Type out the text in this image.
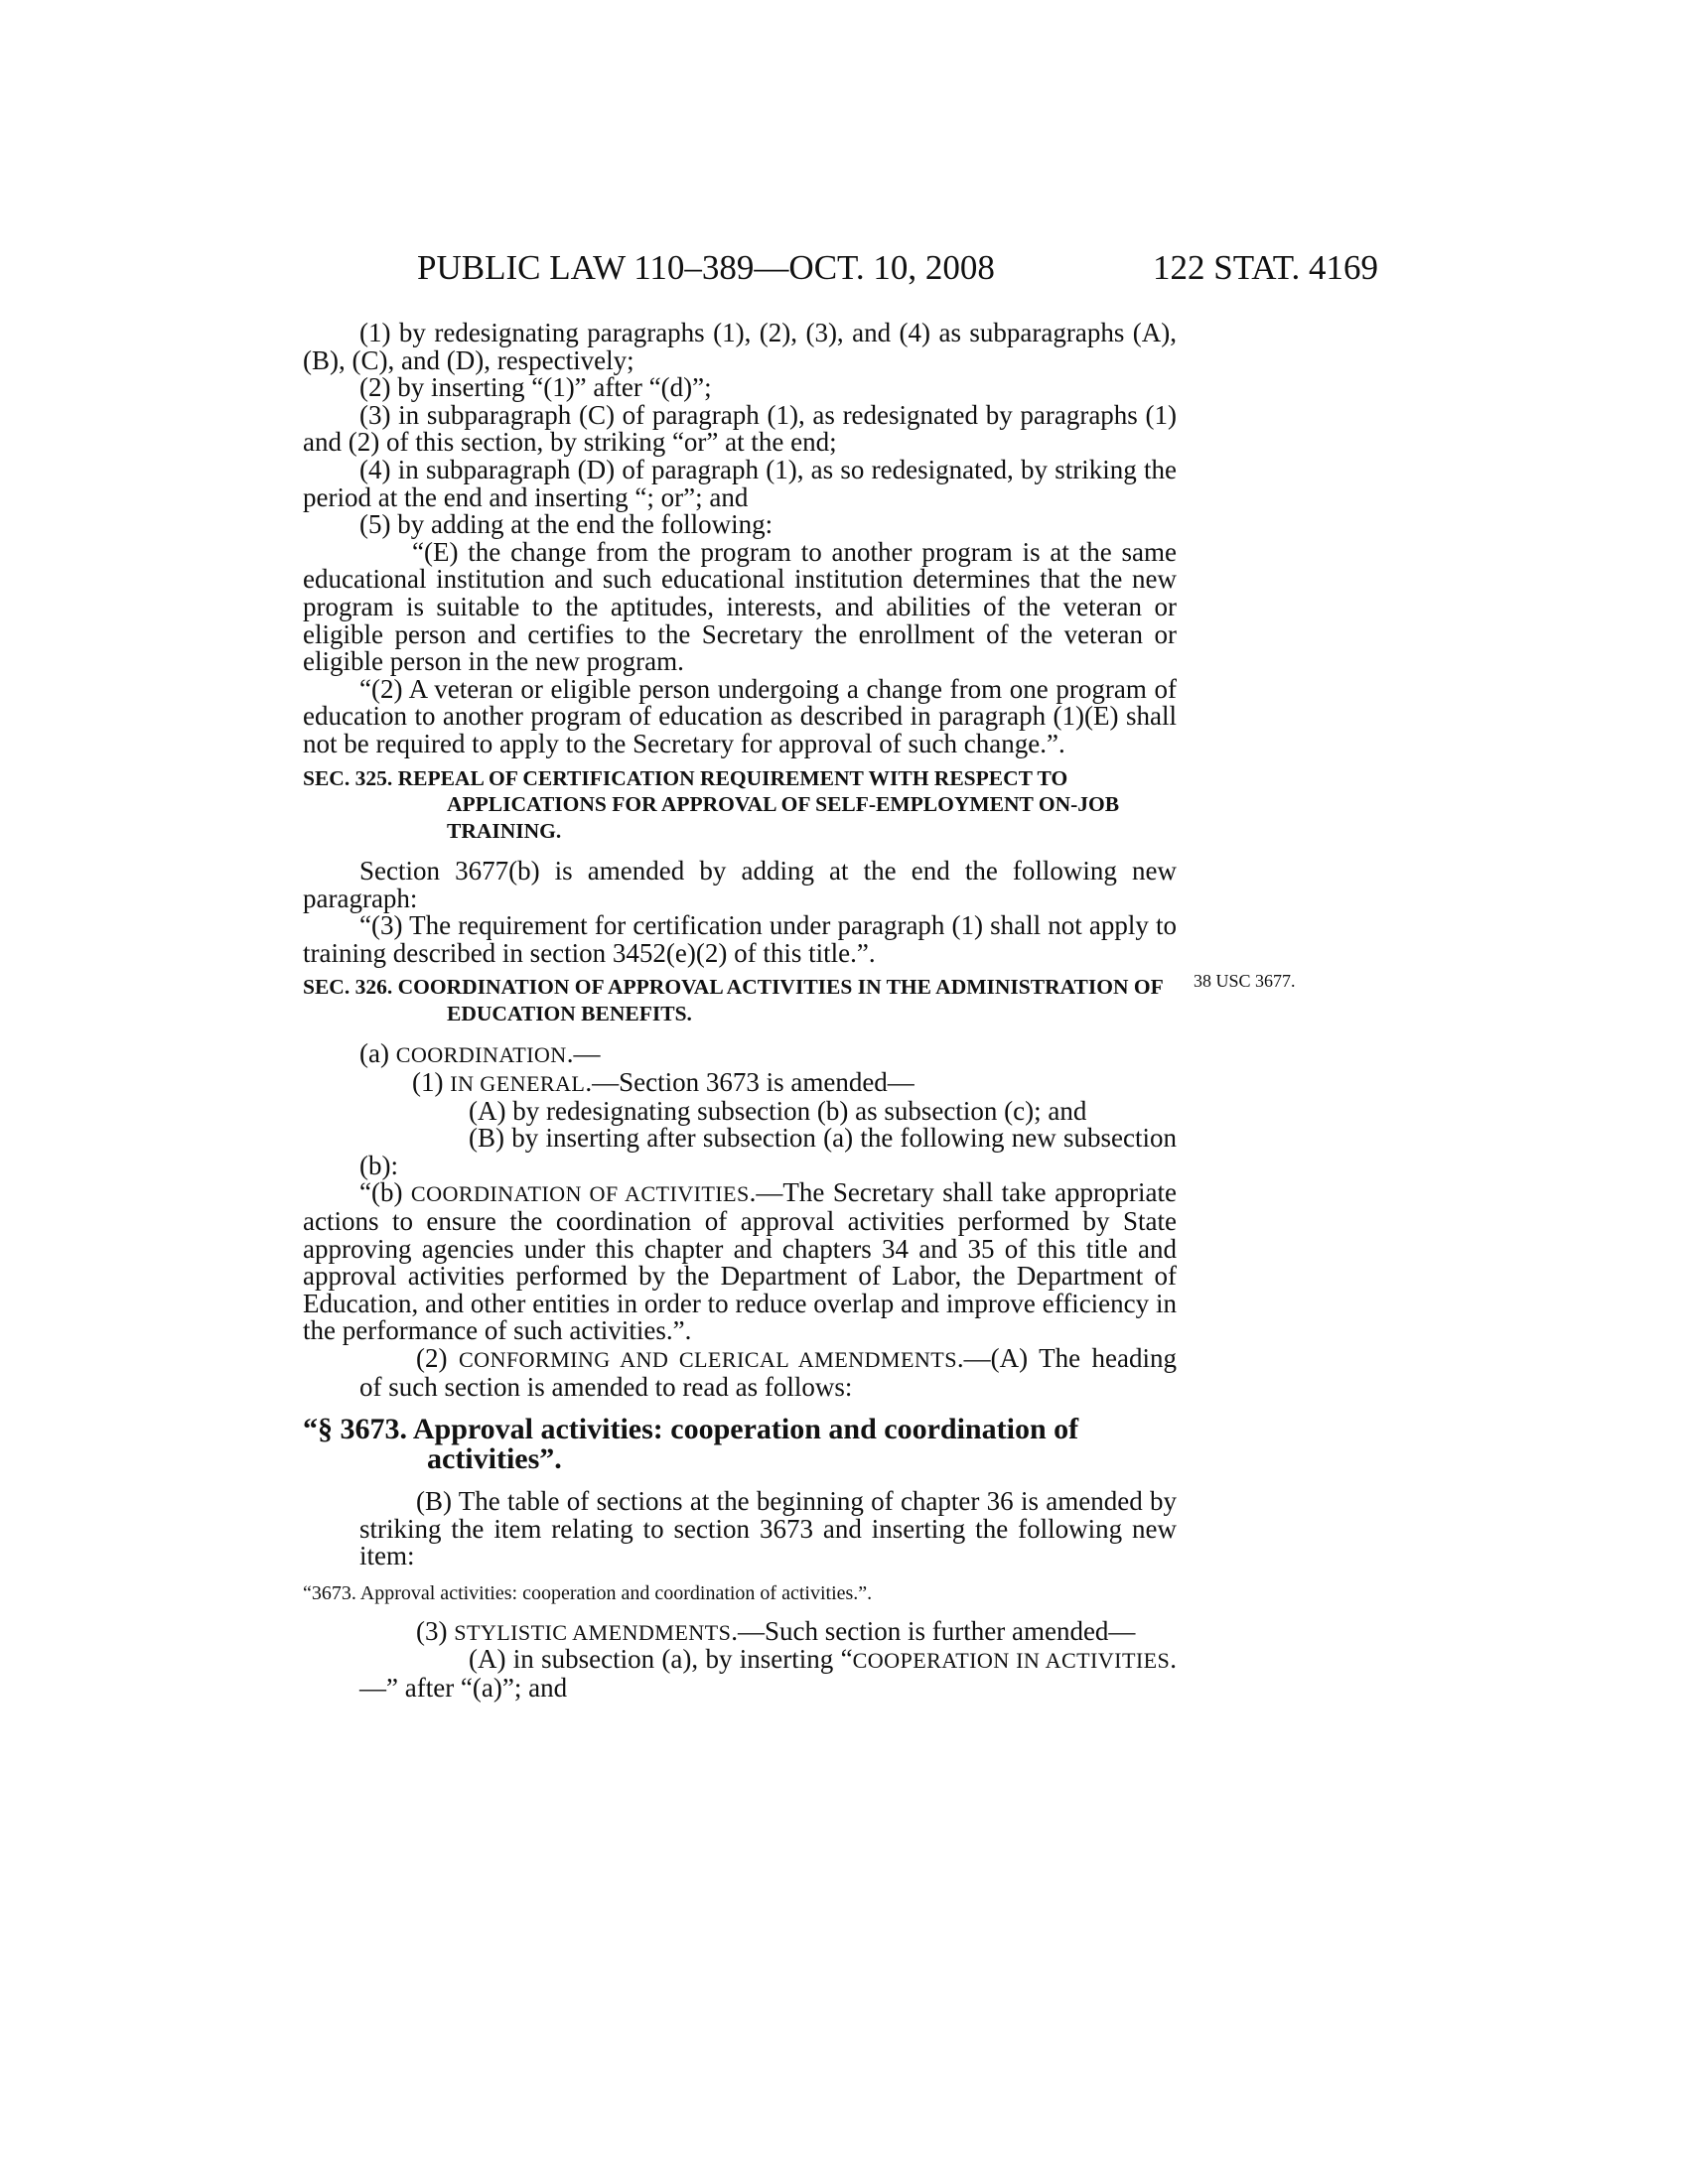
PUBLIC LAW 110–389—OCT. 10, 2008	122 STAT. 4169

(1) by redesignating paragraphs (1), (2), (3), and (4) as subparagraphs (A), (B), (C), and (D), respectively;

(2) by inserting “(1)” after “(d)”;

(3) in subparagraph (C) of paragraph (1), as redesignated by paragraphs (1) and (2) of this section, by striking “or” at the end;

(4) in subparagraph (D) of paragraph (1), as so redesignated, by striking the period at the end and inserting “; or”; and

(5) by adding at the end the following:

“(E) the change from the program to another program is at the same educational institution and such educational institution determines that the new program is suitable to the aptitudes, interests, and abilities of the veteran or eligible person and certifies to the Secretary the enrollment of the veteran or eligible person in the new program.

“(2) A veteran or eligible person undergoing a change from one program of education to another program of education as described in paragraph (1)(E) shall not be required to apply to the Secretary for approval of such change.”.

SEC. 325. REPEAL OF CERTIFICATION REQUIREMENT WITH RESPECT TO APPLICATIONS FOR APPROVAL OF SELF-EMPLOYMENT ON-JOB TRAINING.

Section 3677(b) is amended by adding at the end the following new paragraph:

“(3) The requirement for certification under paragraph (1) shall not apply to training described in section 3452(e)(2) of this title.”.

SEC. 326. COORDINATION OF APPROVAL ACTIVITIES IN THE ADMINISTRATION OF EDUCATION BENEFITS.

(a) COORDINATION.—

(1) IN GENERAL.—Section 3673 is amended—

(A) by redesignating subsection (b) as subsection (c); and

(B) by inserting after subsection (a) the following new subsection (b):

“(b) COORDINATION OF ACTIVITIES.—The Secretary shall take appropriate actions to ensure the coordination of approval activities performed by State approving agencies under this chapter and chapters 34 and 35 of this title and approval activities performed by the Department of Labor, the Department of Education, and other entities in order to reduce overlap and improve efficiency in the performance of such activities.”.

(2) CONFORMING AND CLERICAL AMENDMENTS.—(A) The heading of such section is amended to read as follows:

“§ 3673. Approval activities: cooperation and coordination of activities”.

(B) The table of sections at the beginning of chapter 36 is amended by striking the item relating to section 3673 and inserting the following new item:

“3673. Approval activities: cooperation and coordination of activities.”.

(3) STYLISTIC AMENDMENTS.—Such section is further amended—

(A) in subsection (a), by inserting “COOPERATION IN ACTIVITIES.—” after “(a)”; and

38 USC 3677.
